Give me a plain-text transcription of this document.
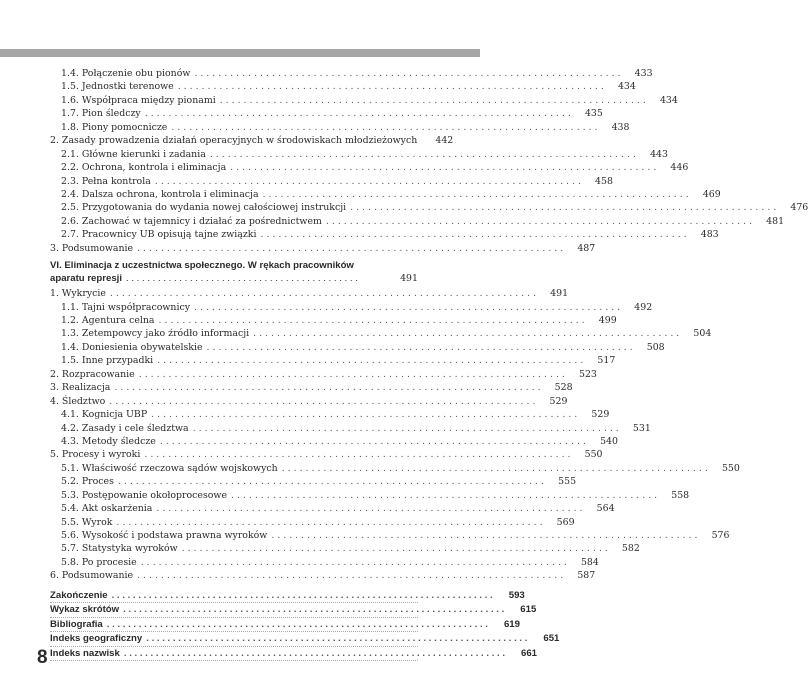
1.4. Połączenie obu pionów . . .	433
1.5. Jednostki terenowe . . .	434
1.6. Współpraca między pionami . . .	434
1.7. Pion śledczy . . .	435
1.8. Piony pomocnicze . . .	438
2. Zasady prowadzenia działań operacyjnych w środowiskach młodzieżowych	442
2.1. Główne kierunki i zadania . . .	443
2.2. Ochrona, kontrola i eliminacja . . .	446
2.3. Pełna kontrola . . .	458
2.4. Dalsza ochrona, kontrola i eliminacja . . .	469
2.5. Przygotowania do wydania nowej całościowej instrukcji . . .	476
2.6. Zachować w tajemnicy i działać za pośrednictwem . . .	481
2.7. Pracownicy UB opisują tajne związki . . .	483
3. Podsumowanie . . .	487
VI. Eliminacja z uczestnictwa społecznego. W rękach pracowników
aparatu represji . . .	491
1. Wykrycie . . .	491
1.1. Tajni współpracownicy . . .	492
1.2. Agentura celna . . .	499
1.3. Zetempowcy jako źródło informacji . . .	504
1.4. Doniesienia obywatelskie . . .	508
1.5. Inne przypadki . . .	517
2. Rozpracowanie . . .	523
3. Realizacja . . .	528
4. Śledztwo . . .	529
4.1. Kognicja UBP . . .	529
4.2. Zasady i cele śledztwa . . .	531
4.3. Metody śledcze . . .	540
5. Procesy i wyroki . . .	550
5.1. Właściwość rzeczowa sądów wojskowych . . .	550
5.2. Proces . . .	555
5.3. Postępowanie okołoprocesowe . . .	558
5.4. Akt oskarżenia . . .	564
5.5. Wyrok . . .	569
5.6. Wysokość i podstawa prawna wyroków . . .	576
5.7. Statystyka wyroków . . .	582
5.8. Po procesie . . .	584
6. Podsumowanie . . .	587
Zakończenie . . .	593
Wykaz skrótów . . .	615
Bibliografia . . .	619
Indeks geograficzny . . .	651
Indeks nazwisk . . .	661
8
